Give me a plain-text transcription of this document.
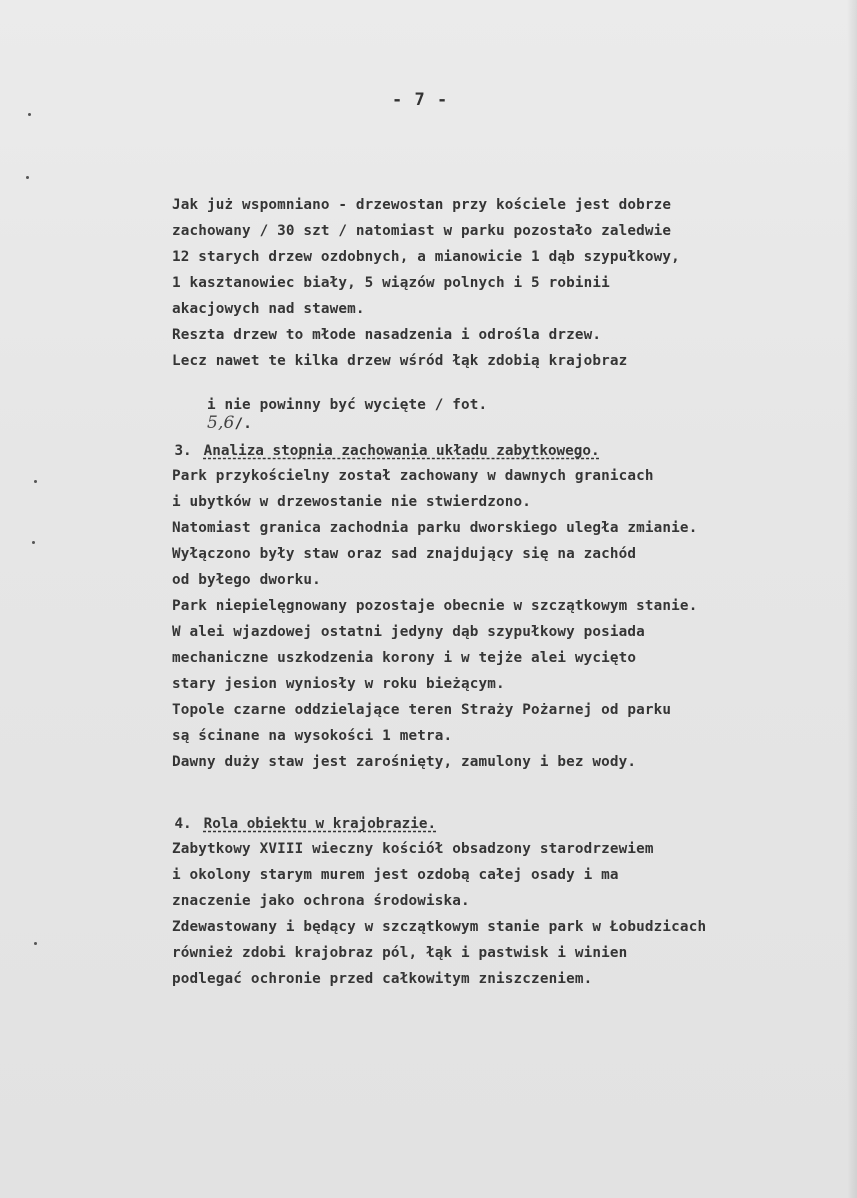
- 7 -
Jak już wspomniano - drzewostan przy kościele jest dobrze
zachowany / 30 szt / natomiast w parku pozostało zaledwie
12 starych drzew ozdobnych, a mianowicie 1 dąb szypułkowy,
1 kasztanowiec biały, 5 wiązów polnych i 5 robinii
akacjowych nad stawem.
Reszta drzew to młode nasadzenia i odrośla drzew.
Lecz nawet te kilka drzew wśród łąk zdobią krajobraz

i nie powinny być wycięte / fot.
5,6/.

3. Analiza stopnia zachowania układu zabytkowego.

Park przykościelny został zachowany w dawnych granicach
i ubytków w drzewostanie nie stwierdzono.
Natomiast granica zachodnia parku dworskiego uległa zmianie.
Wyłączono były staw oraz sad znajdujący się na zachód
od byłego dworku.
Park niepielęgnowany pozostaje obecnie w szczątkowym stanie.
W alei wjazdowej ostatni jedyny dąb szypułkowy posiada
mechaniczne uszkodzenia korony i w tejże alei wycięto
stary jesion wyniosły w roku bieżącym.
Topole czarne oddzielające teren Straży Pożarnej od parku
są ścinane na wysokości 1 metra.
Dawny duży staw jest zarośnięty, zamulony i bez wody.

4. Rola obiektu w krajobrazie.

Zabytkowy XVIII wieczny kościół obsadzony starodrzewiem
i okolony starym murem jest ozdobą całej osady i ma
znaczenie jako ochrona środowiska.
Zdewastowany i będący w szczątkowym stanie park w Łobudzicach
również zdobi krajobraz pól, łąk i pastwisk i winien
podlegać ochronie przed całkowitym zniszczeniem.
